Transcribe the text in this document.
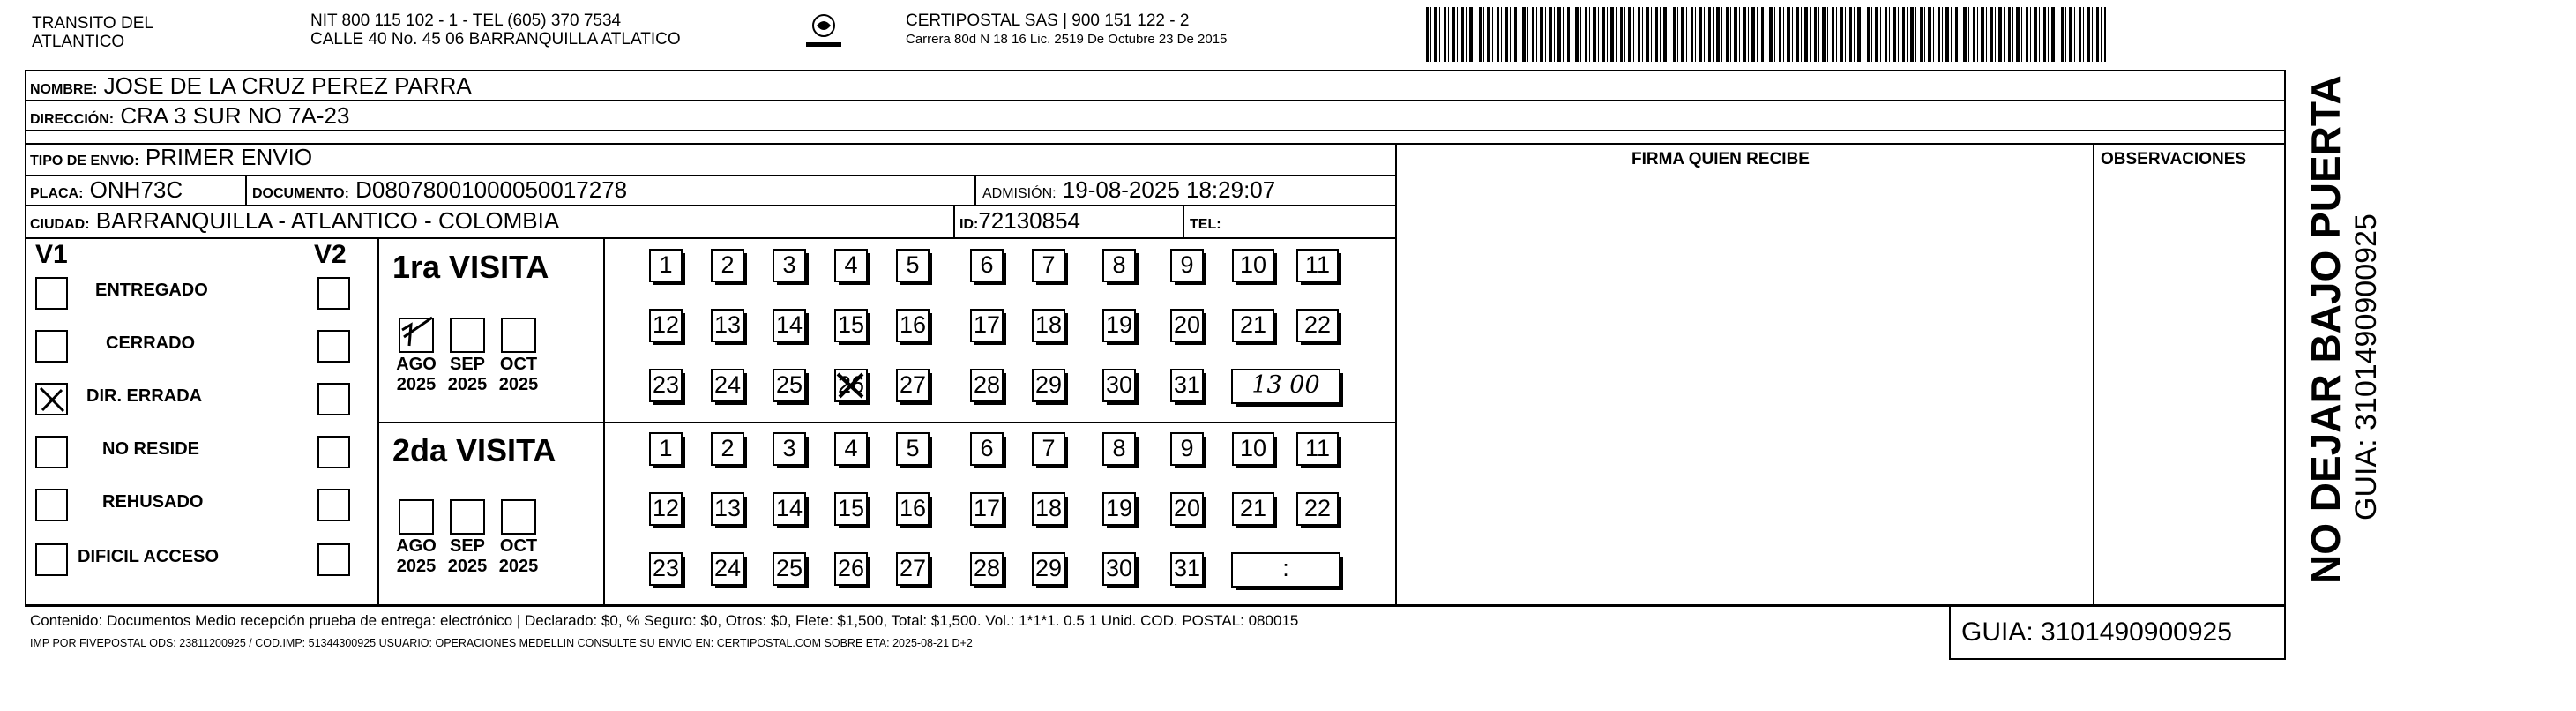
TRANSITO DEL
ATLANTICO
NIT 800 115 102 - 1 - TEL (605) 370 7534
CALLE 40 No. 45 06 BARRANQUILLA ATLATICO
CERTIPOSTAL SAS | 900 151 122 - 2
Carrera 80d N 18 16 Lic. 2519 De Octubre 23 De 2015
NOMBRE: JOSE DE LA CRUZ PEREZ PARRA
DIRECCIÓN: CRA 3 SUR NO 7A-23
TIPO DE ENVIO: PRIMER ENVIO	FIRMA QUIEN RECIBE	OBSERVACIONES
PLACA: ONH73C	DOCUMENTO: D08078001000050017278	ADMISIÓN: 19-08-2025 18:29:07
CIUDAD: BARRANQUILLA - ATLANTICO - COLOMBIA	ID:72130854	TEL:
V1	V2
ENTREGADO
CERRADO
DIR. ERRADA
NO RESIDE
REHUSADO
DIFICIL ACCESO
1ra VISITA
2da VISITA
AGO
2025
SEP
2025
OCT
2025
AGO
2025
SEP
2025
OCT
2025
1	2	3	4	5	6	7	8	9	10	11
12 13 14 15 16 17 18 19 20	21	22
23 24 25 26 27 28 29 30 31	13 00
1	2	3	4	5	6	7	8	9	10	11
12 13 14 15 16 17 18 19 20	21	22
23 24 25 26 27 28 29 30 31	:
Contenido: Documentos Medio recepción prueba de entrega: electrónico | Declarado: $0, % Seguro: $0, Otros: $0, Flete: $1,500, Total: $1,500. Vol.: 1*1*1. 0.5 1 Unid. COD. POSTAL: 080015
IMP POR FIVEPOSTAL ODS: 23811200925 / COD.IMP: 51344300925 USUARIO: OPERACIONES MEDELLIN CONSULTE SU ENVIO EN: CERTIPOSTAL.COM SOBRE ETA: 2025-08-21 D+2	GUIA: 3101490900925
NO DEJAR BAJO PUERTA GUIA: 3101490900925
